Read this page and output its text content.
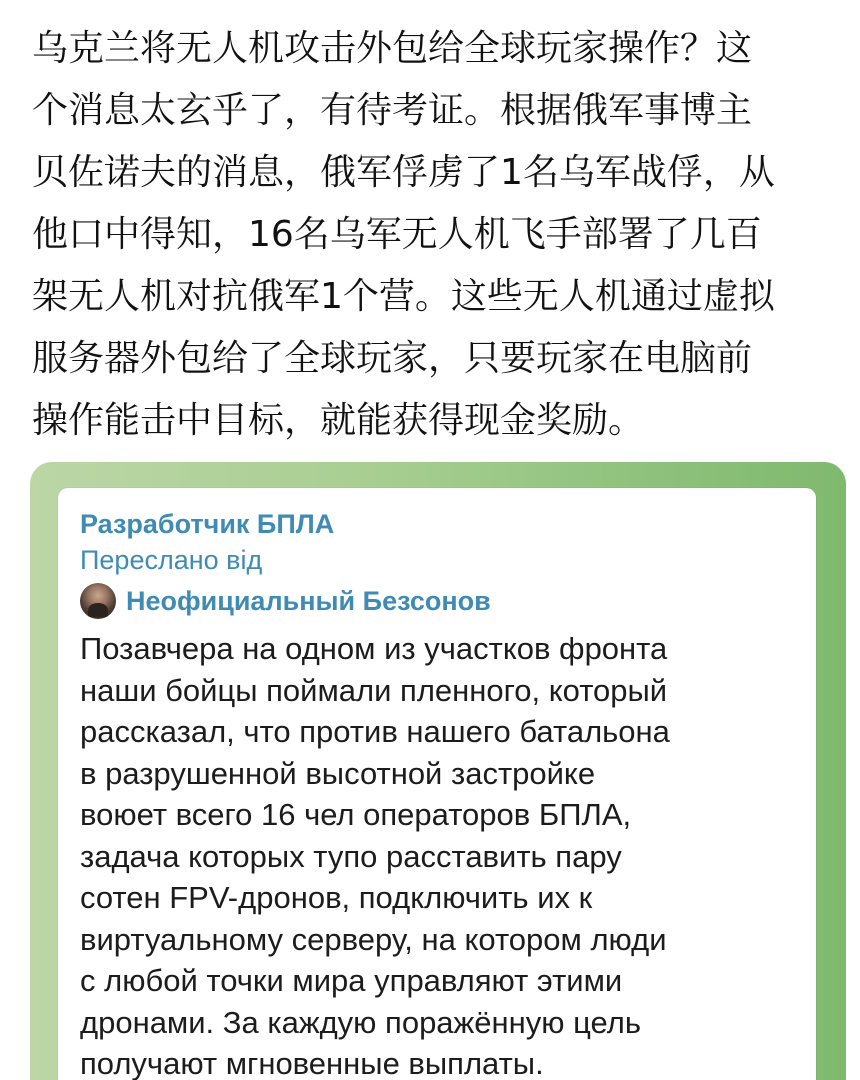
乌克兰将无人机攻击外包给全球玩家操作？这
个消息太玄乎了，有待考证。根据俄军事博主
贝佐诺夫的消息，俄军俘虏了1名乌军战俘，从
他口中得知，16名乌军无人机飞手部署了几百
架无人机对抗俄军1个营。这些无人机通过虚拟
服务器外包给了全球玩家，只要玩家在电脑前
操作能击中目标，就能获得现金奖励。
Разработчик БПЛА
Переслано від
Неофициальный Безсонов
Позавчера на одном из участков фронта
наши бойцы поймали пленного, который
рассказал, что против нашего батальона
в разрушенной высотной застройке
воюет всего 16 чел операторов БПЛА,
задача которых тупо расставить пару
сотен FPV-дронов, подключить их к
виртуальному серверу, на котором люди
с любой точки мира управляют этими
дронами. За каждую поражённую цель
получают мгновенные выплаты.
